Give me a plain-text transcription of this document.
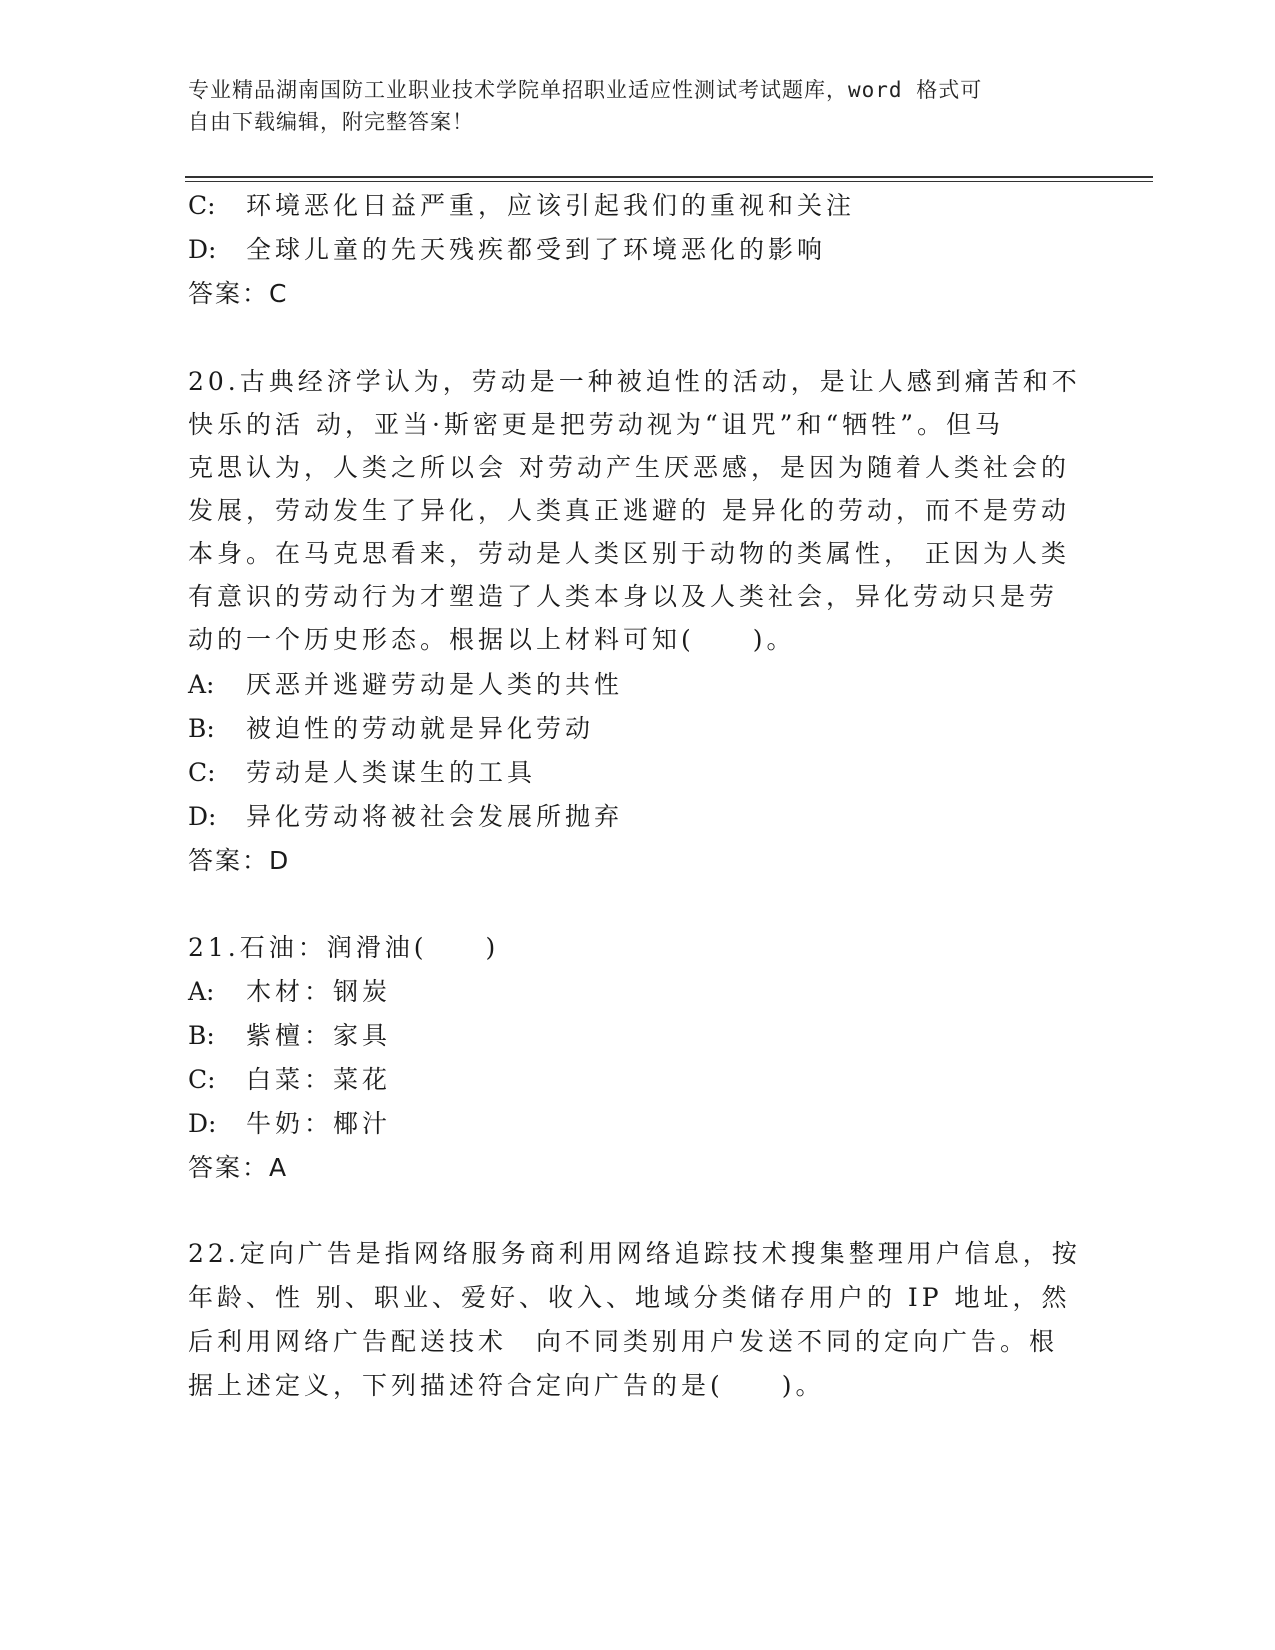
专业精品湖南国防工业职业技术学院单招职业适应性测试考试题库，word 格式可
自由下载编辑，附完整答案！
C: 环境恶化日益严重，应该引起我们的重视和关注
D: 全球儿童的先天残疾都受到了环境恶化的影响
答案：C
20.古典经济学认为，劳动是一种被迫性的活动，是让人感到痛苦和不
快乐的活 动，亚当·斯密更是把劳动视为“诅咒”和“牺牲”。但马
克思认为，人类之所以会 对劳动产生厌恶感，是因为随着人类社会的
发展，劳动发生了异化，人类真正逃避的 是异化的劳动，而不是劳动
本身。在马克思看来，劳动是人类区别于动物的类属性， 正因为人类
有意识的劳动行为才塑造了人类本身以及人类社会，异化劳动只是劳
动的一个历史形态。根据以上材料可知(　　)。
A: 厌恶并逃避劳动是人类的共性
B: 被迫性的劳动就是异化劳动
C: 劳动是人类谋生的工具
D: 异化劳动将被社会发展所抛弃
答案：D
21.石油：润滑油(　　)
A: 木材：钢炭
B: 紫檀：家具
C: 白菜：菜花
D: 牛奶：椰汁
答案：A
22.定向广告是指网络服务商利用网络追踪技术搜集整理用户信息，按
年龄、性 别、职业、爱好、收入、地域分类储存用户的 IP 地址，然
后利用网络广告配送技术　向不同类别用户发送不同的定向广告。根
据上述定义，下列描述符合定向广告的是(　　)。
